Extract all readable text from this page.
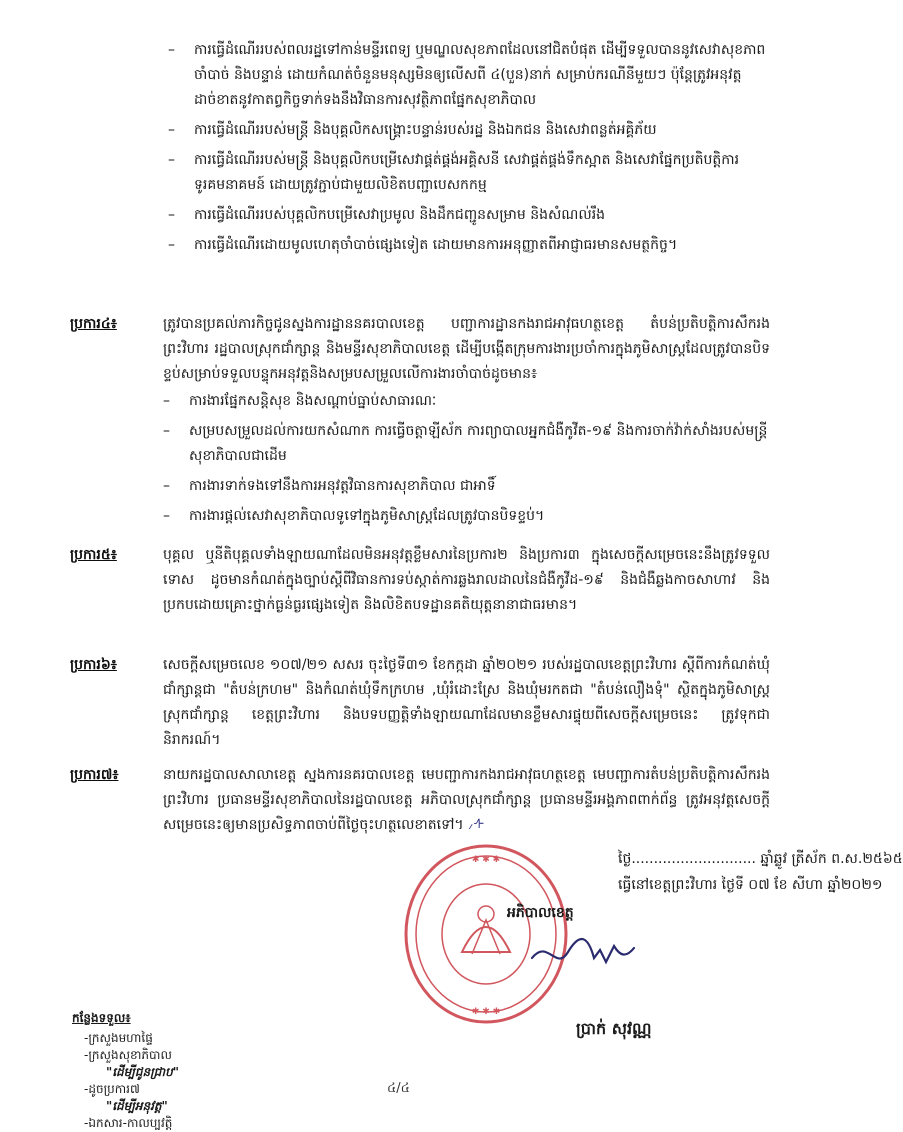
– ការធ្វើដំណើររបស់ពលរដ្ឋទៅកាន់មន្ទីរពេទ្យ ឬមណ្ឌលសុខភាពដែលនៅជិតបំផុត ដើម្បីទទួលបាននូវសេវាសុខភាពចាំបាច់ និងបន្ទាន់ ដោយកំណត់ចំនួនមនុស្សមិនឲ្យលើសពី ៤(បួន)នាក់ សម្រាប់ករណីនីមួយៗ ប៉ុន្តែត្រូវអនុវត្តដាច់ខាតនូវកាតព្វកិច្ចទាក់ទងនឹងវិធានការសុវត្ថិភាពផ្នែកសុខាភិបាល
– ការធ្វើដំណើររបស់មន្ត្រី និងបុគ្គលិកសង្គ្រោះបន្ទាន់របស់រដ្ឋ និងឯកជន និងសេវាពន្លត់អគ្គិភ័យ
– ការធ្វើដំណើររបស់មន្ត្រី និងបុគ្គលិកបម្រើសេវាផ្គត់ផ្គង់អគ្គិសនី សេវាផ្គត់ផ្គង់ទឹកស្អាត និងសេវាផ្នែកប្រតិបត្តិការទូរគមនាគមន៍ ដោយត្រូវភ្ជាប់ជាមួយលិខិតបញ្ជាបេសកកម្ម
– ការធ្វើដំណើររបស់បុគ្គលិកបម្រើសេវាប្រមូល និងដឹកជញ្ជូនសម្រាម និងសំណល់រឹង
– ការធ្វើដំណើរដោយមូលហេតុចាំបាច់ផ្សេងទៀត ដោយមានការអនុញ្ញាតពីអាជ្ញាធរមានសមត្ថកិច្ច។
ប្រការ៤៖	ត្រូវបានប្រគល់ភារកិច្ចជូនស្នងការដ្ឋាននគរបាលខេត្ត បញ្ជាការដ្ឋានកងរាជអាវុធហត្ថខេត្ត តំបន់ប្រតិបត្តិការសឹករងព្រះវិហារ រដ្ឋបាលស្រុកជាំក្សាន្ត និងមន្ទីរសុខាភិបាលខេត្ត ដើម្បីបង្កើតក្រុមការងារប្រចាំការក្នុងភូមិសាស្ត្រដែលត្រូវបានបិទខ្ទប់សម្រាប់ទទួលបន្ទុកអនុវត្តនិងសម្របសម្រួលលើការងារចាំបាច់ដូចមាន៖
– ការងារផ្នែកសន្តិសុខ និងសណ្តាប់ធ្នាប់សាធារណៈ
– សម្របសម្រួលដល់ការយកសំណាក ការធ្វើចត្តាឡីស័ក ការព្យាបាលអ្នកជំងឺកូវីត-១៩ និងការចាក់វ៉ាក់សាំងរបស់មន្ត្រីសុខាភិបាលជាដើម
– ការងារទាក់ទងទៅនឹងការអនុវត្តវិធានការសុខាភិបាល ជាអាទិ៍
– ការងារផ្តល់សេវាសុខាភិបាលទូទៅក្នុងភូមិសាស្ត្រដែលត្រូវបានបិទខ្ទប់។
ប្រការ៥៖	បុគ្គល ឬនីតិបុគ្គលទាំងឡាយណាដែលមិនអនុវត្តខ្លឹមសារនៃប្រការ២ និងប្រការ៣ ក្នុងសេចក្តីសម្រេចនេះនឹងត្រូវទទួលទោស ដូចមានកំណត់ក្នុងច្បាប់ស្តីពីវិធានការទប់ស្កាត់ការឆ្លងរាលដាលនៃជំងឺកូវីដ-១៩ និងជំងឺឆ្លងកាចសាហាវ និងប្រកបដោយគ្រោះថ្នាក់ធ្ងន់ធ្ងរផ្សេងទៀត និងលិខិតបទដ្ឋានគតិយុត្តនានាជាធរមាន។
ប្រការ៦៖	សេចក្តីសម្រេចលេខ ១០៧/២១ សសរ ចុះថ្ងៃទី៣១ ខែកក្កដា ឆ្នាំ២០២១ របស់រដ្ឋបាលខេត្តព្រះវិហារ ស្តីពីការកំណត់ឃុំជាំក្សាន្តជា "តំបន់ក្រហម" និងកំណត់ឃុំទឹកក្រហម ,ឃុំរំដោះស្រែ និងឃុំមរកតជា "តំបន់លឿងទុំ" ស្ថិតក្នុងភូមិសាស្ត្រស្រុកជាំក្សាន្ត ខេត្តព្រះវិហារ និងបទបញ្ញត្តិទាំងឡាយណាដែលមានខ្លឹមសារផ្ទុយពីសេចក្តីសម្រេចនេះ ត្រូវទុកជានិរាករណ៍។
ប្រការ៧៖	នាយករដ្ឋបាលសាលាខេត្ត ស្នងការនគរបាលខេត្ត មេបញ្ជាការកងរាជអាវុធហត្ថខេត្ត មេបញ្ជាការតំបន់ប្រតិបត្តិការសឹករងព្រះវិហារ ប្រធានមន្ទីរសុខាភិបាលនៃរដ្ឋបាលខេត្ត អភិបាលស្រុកជាំក្សាន្ត ប្រធានមន្ទីរអង្គភាពពាក់ព័ន្ធ ត្រូវអនុវត្តសេចក្តីសម្រេចនេះឲ្យមានប្រសិទ្ធភាពចាប់ពីថ្ងៃចុះហត្ថលេខាតទៅ។ ៸ᠰ
✱ ✱ ✱
✱ ✱ ✱
ថ្ងៃ............................ ឆ្នាំឆ្លូវ ត្រីស័ក ព.ស.២៥៦៥
ធ្វើនៅខេត្តព្រះវិហារ ថ្ងៃទី ០៧ ខែ សីហា ឆ្នាំ២០២១
អភិបាលខេត្ត
ប្រាក់ សុវណ្ណ
កន្លែងទទួល៖
-ក្រសួងមហាផ្ទៃ
-ក្រសួងសុខាភិបាល
"ដើម្បីជូនជ្រាប"
-ដូចប្រការ៧
"ដើម្បីអនុវត្ត"
-ឯកសារ-កាលប្បវត្តិ
៤/៤
